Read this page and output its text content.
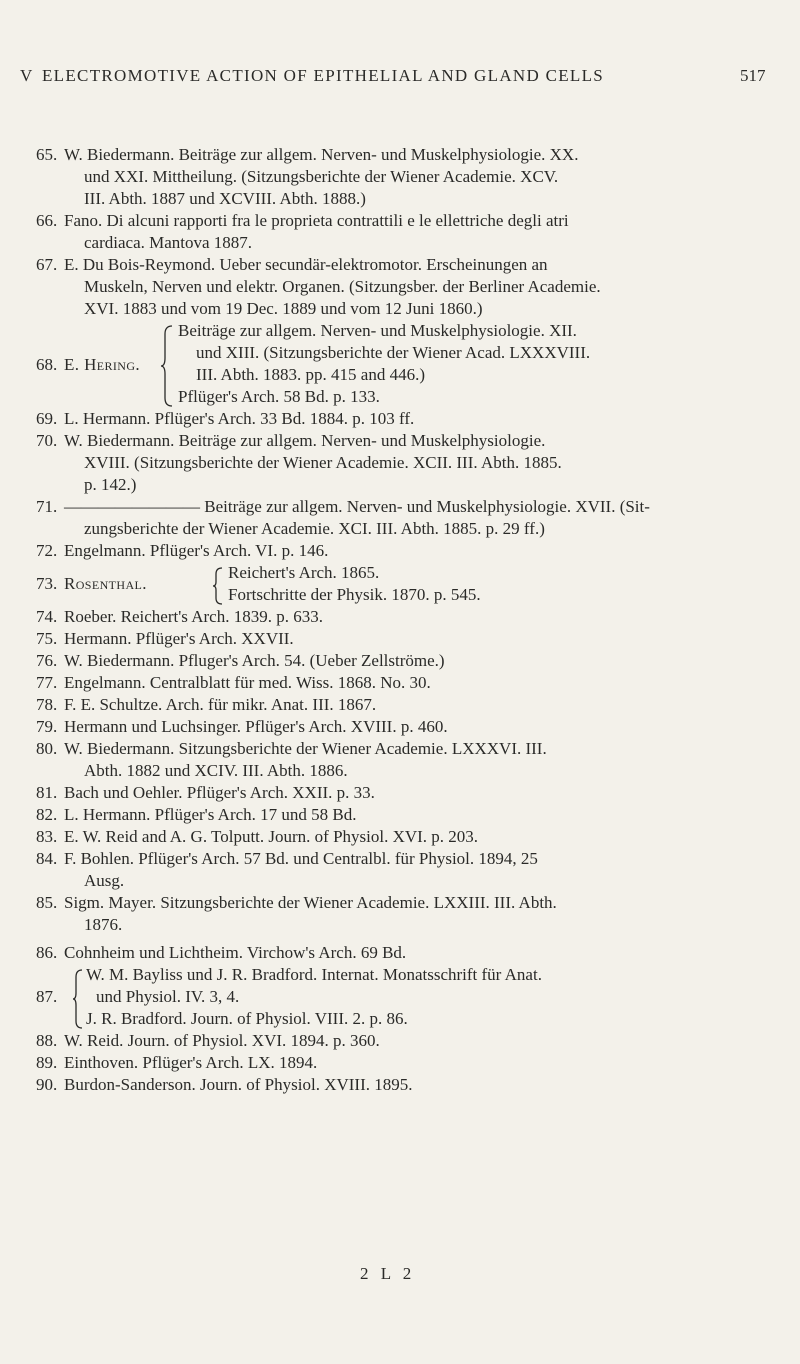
V ELECTROMOTIVE ACTION OF EPITHELIAL AND GLAND CELLS	517
65. W. Biedermann. Beiträge zur allgem. Nerven- und Muskelphysiologie. XX.
und XXI. Mittheilung. (Sitzungsberichte der Wiener Academie. XCV.
III. Abth. 1887 und XCVIII. Abth. 1888.)
66. Fano. Di alcuni rapporti fra le proprieta contrattili e le ellettriche degli atri
cardiaca. Mantova 1887.
67. E. Du Bois-Reymond. Ueber secundär-elektromotor. Erscheinungen an
Muskeln, Nerven und elektr. Organen. (Sitzungsber. der Berliner Academie.
XVI. 1883 und vom 19 Dec. 1889 und vom 12 Juni 1860.)
68. E. Hering.
Beiträge zur allgem. Nerven- und Muskelphysiologie. XII.
und XIII. (Sitzungsberichte der Wiener Acad. LXXXVIII.
III. Abth. 1883. pp. 415 and 446.)
Pflüger's Arch. 58 Bd. p. 133.
69. L. Hermann. Pflüger's Arch. 33 Bd. 1884. p. 103 ff.
70. W. Biedermann. Beiträge zur allgem. Nerven- und Muskelphysiologie.
XVIII. (Sitzungsberichte der Wiener Academie. XCII. III. Abth. 1885.
p. 142.)
71. ———————— Beiträge zur allgem. Nerven- und Muskelphysiologie. XVII. (Sit-
zungsberichte der Wiener Academie. XCI. III. Abth. 1885. p. 29 ff.)
72. Engelmann. Pflüger's Arch. VI. p. 146.
73. Rosenthal.
Reichert's Arch. 1865.
Fortschritte der Physik. 1870. p. 545.
74. Roeber. Reichert's Arch. 1839. p. 633.
75. Hermann. Pflüger's Arch. XXVII.
76. W. Biedermann. Pfluger's Arch. 54. (Ueber Zellströme.)
77. Engelmann. Centralblatt für med. Wiss. 1868. No. 30.
78. F. E. Schultze. Arch. für mikr. Anat. III. 1867.
79. Hermann und Luchsinger. Pflüger's Arch. XVIII. p. 460.
80. W. Biedermann. Sitzungsberichte der Wiener Academie. LXXXVI. III.
Abth. 1882 und XCIV. III. Abth. 1886.
81. Bach und Oehler. Pflüger's Arch. XXII. p. 33.
82. L. Hermann. Pflüger's Arch. 17 und 58 Bd.
83. E. W. Reid and A. G. Tolputt. Journ. of Physiol. XVI. p. 203.
84. F. Bohlen. Pflüger's Arch. 57 Bd. und Centralbl. für Physiol. 1894, 25
Ausg.
85. Sigm. Mayer. Sitzungsberichte der Wiener Academie. LXXIII. III. Abth.
1876.
86. Cohnheim und Lichtheim. Virchow's Arch. 69 Bd.
87.
W. M. Bayliss und J. R. Bradford. Internat. Monatsschrift für Anat.
und Physiol. IV. 3, 4.
J. R. Bradford. Journ. of Physiol. VIII. 2. p. 86.
88. W. Reid. Journ. of Physiol. XVI. 1894. p. 360.
89. Einthoven. Pflüger's Arch. LX. 1894.
90. Burdon-Sanderson. Journ. of Physiol. XVIII. 1895.
2 L 2
